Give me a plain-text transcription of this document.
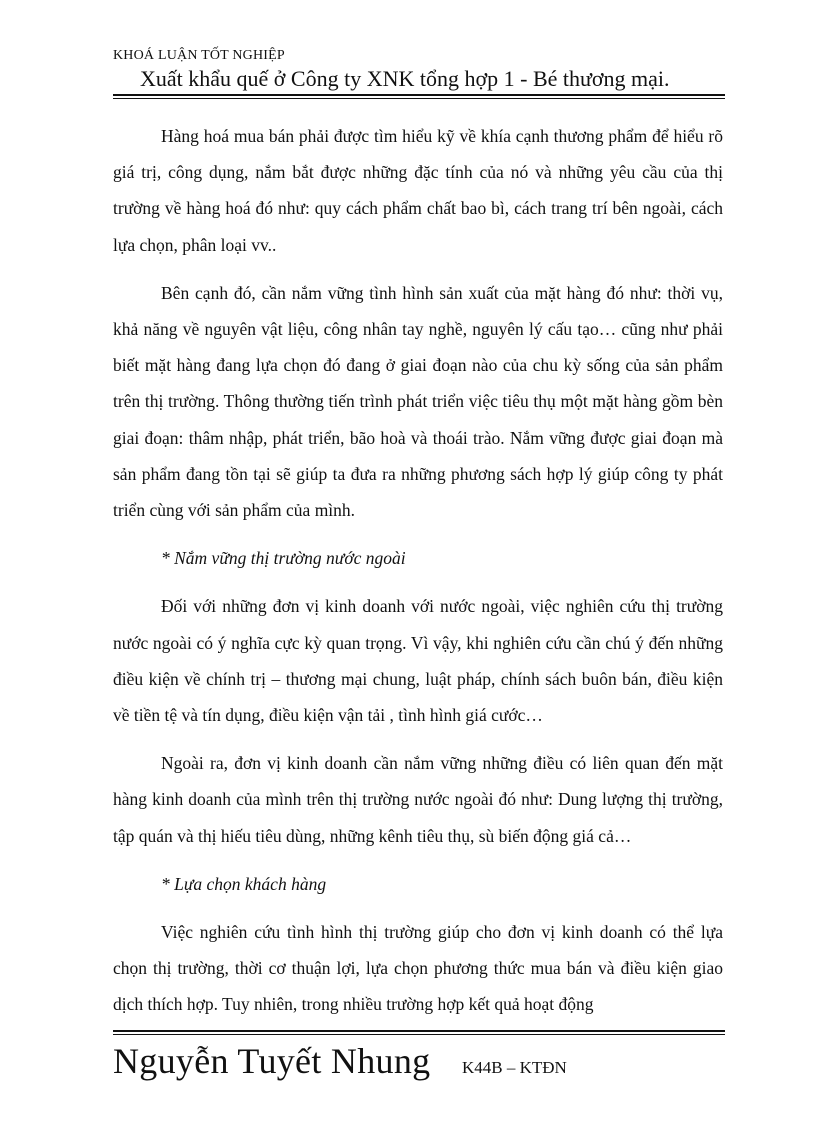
KHOÁ LUẬN TỐT NGHIỆP
Xuất khẩu quế ở Công ty XNK tổng hợp 1 - Bé thương mại.

Hàng hoá mua bán phải được tìm hiểu kỹ về khía cạnh thương phẩm để hiểu rõ giá trị, công dụng, nắm bắt được những đặc tính của nó và những yêu cầu của thị trường về hàng hoá đó như: quy cách phẩm chất bao bì, cách trang trí bên ngoài, cách lựa chọn, phân loại vv..

Bên cạnh đó, cần nắm vững tình hình sản xuất của mặt hàng đó như: thời vụ, khả năng về nguyên vật liệu, công nhân tay nghề, nguyên lý cấu tạo… cũng như phải biết mặt hàng đang lựa chọn đó đang ở giai đoạn nào của chu kỳ sống của sản phẩm trên thị trường. Thông thường tiến trình phát triển việc tiêu thụ một mặt hàng gồm bèn giai đoạn: thâm nhập, phát triển, bão hoà và thoái trào. Nắm vững được giai đoạn mà sản phẩm đang tồn tại sẽ giúp ta đưa ra những phương sách hợp lý giúp công ty phát triển cùng với sản phẩm của mình.

* Nắm vững thị trường nước ngoài

Đối với những đơn vị kinh doanh với nước ngoài, việc nghiên cứu thị trường nước ngoài có ý nghĩa cực kỳ quan trọng. Vì vậy, khi nghiên cứu cần chú ý đến những điều kiện về chính trị – thương mại chung, luật pháp, chính sách buôn bán, điều kiện về tiền tệ và tín dụng, điều kiện vận tải , tình hình giá cước…

Ngoài ra, đơn vị kinh doanh cần nắm vững những điều có liên quan đến mặt hàng kinh doanh của mình trên thị trường nước ngoài đó như: Dung lượng thị trường, tập quán và thị hiếu tiêu dùng, những kênh tiêu thụ, sù biến động giá cả…

* Lựa chọn khách hàng

Việc nghiên cứu tình hình thị trường giúp cho đơn vị kinh doanh có thể lựa chọn thị trường, thời cơ thuận lợi, lựa chọn phương thức mua bán và điều kiện giao dịch thích hợp. Tuy nhiên, trong nhiều trường hợp kết quả hoạt động

Nguyễn Tuyết Nhung K44B – KTĐN
